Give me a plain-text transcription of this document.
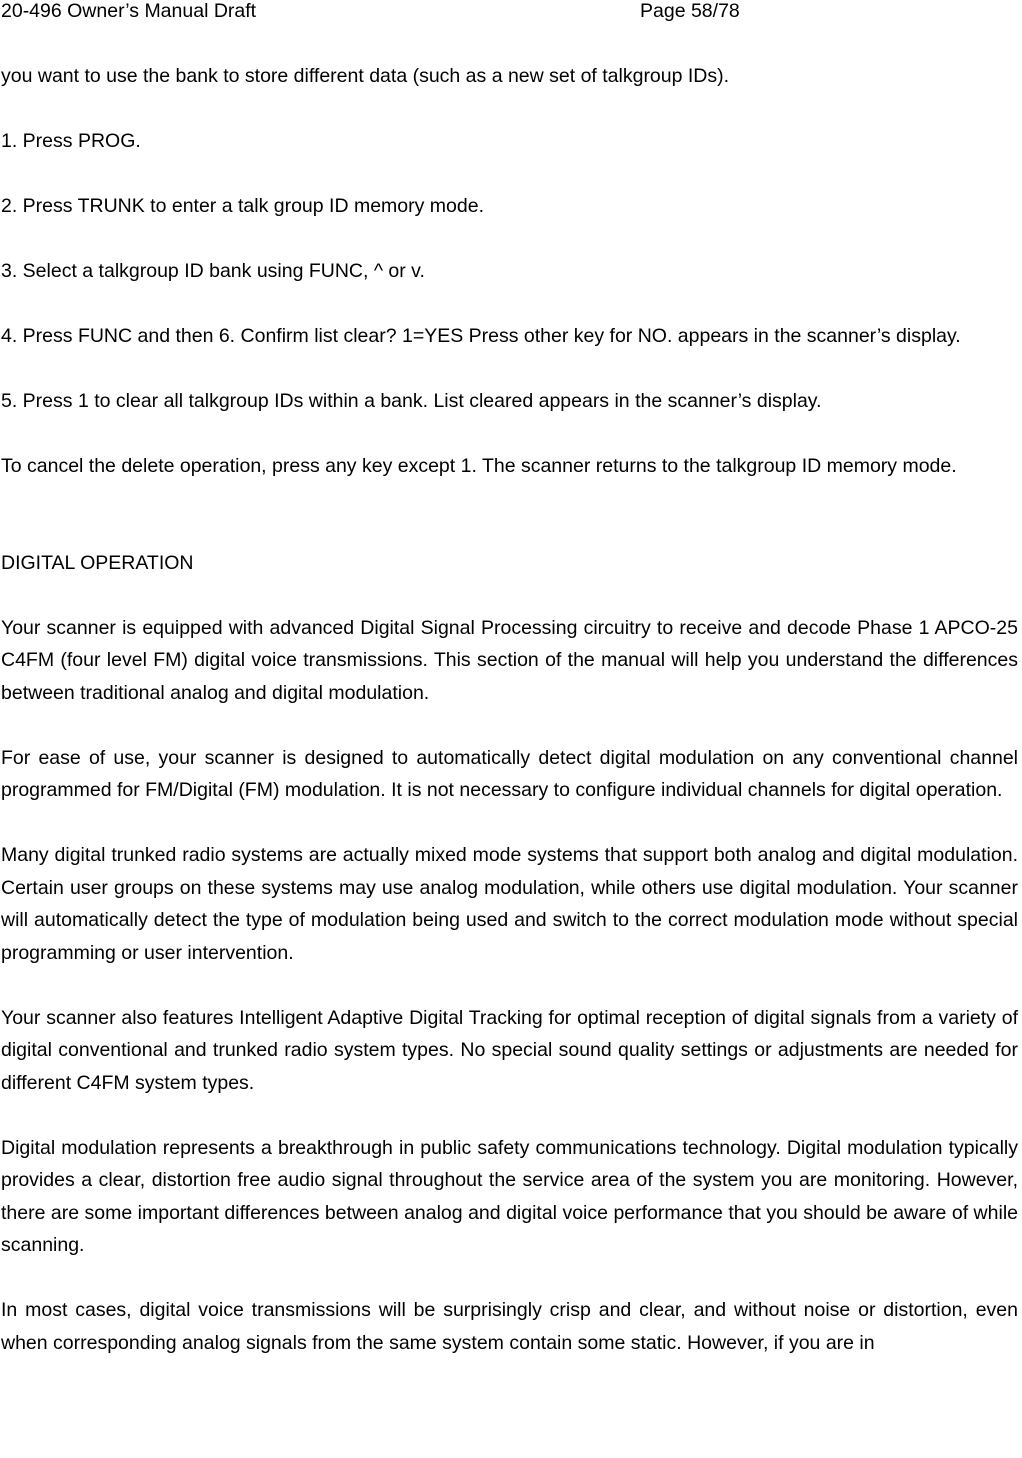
20-496 Owner’s Manual Draft	Page 58/78

you want to use the bank to store different data (such as a new set of talkgroup IDs).

1. Press PROG.

2. Press TRUNK to enter a talk group ID memory mode.

3. Select a talkgroup ID bank using FUNC, ^ or v.

4. Press FUNC and then 6. Confirm list clear? 1=YES Press other key for NO. appears in the scanner’s display.

5. Press 1 to clear all talkgroup IDs within a bank. List cleared appears in the scanner’s display.

To cancel the delete operation, press any key except 1. The scanner returns to the talkgroup ID memory mode.

DIGITAL OPERATION

Your scanner is equipped with advanced Digital Signal Processing circuitry to receive and decode Phase 1 APCO-25 C4FM (four level FM) digital voice transmissions. This section of the manual will help you understand the differences between traditional analog and digital modulation.

For ease of use, your scanner is designed to automatically detect digital modulation on any conventional channel programmed for FM/Digital (FM) modulation. It is not necessary to configure individual channels for digital operation.

Many digital trunked radio systems are actually mixed mode systems that support both analog and digital modulation. Certain user groups on these systems may use analog modulation, while others use digital modulation. Your scanner will automatically detect the type of modulation being used and switch to the correct modulation mode without special programming or user intervention.

Your scanner also features Intelligent Adaptive Digital Tracking for optimal reception of digital signals from a variety of digital conventional and trunked radio system types. No special sound quality settings or adjustments are needed for different C4FM system types.

Digital modulation represents a breakthrough in public safety communications technology. Digital modulation typically provides a clear, distortion free audio signal throughout the service area of the system you are monitoring. However, there are some important differences between analog and digital voice performance that you should be aware of while scanning.

In most cases, digital voice transmissions will be surprisingly crisp and clear, and without noise or distortion, even when corresponding analog signals from the same system contain some static. However, if you are in
